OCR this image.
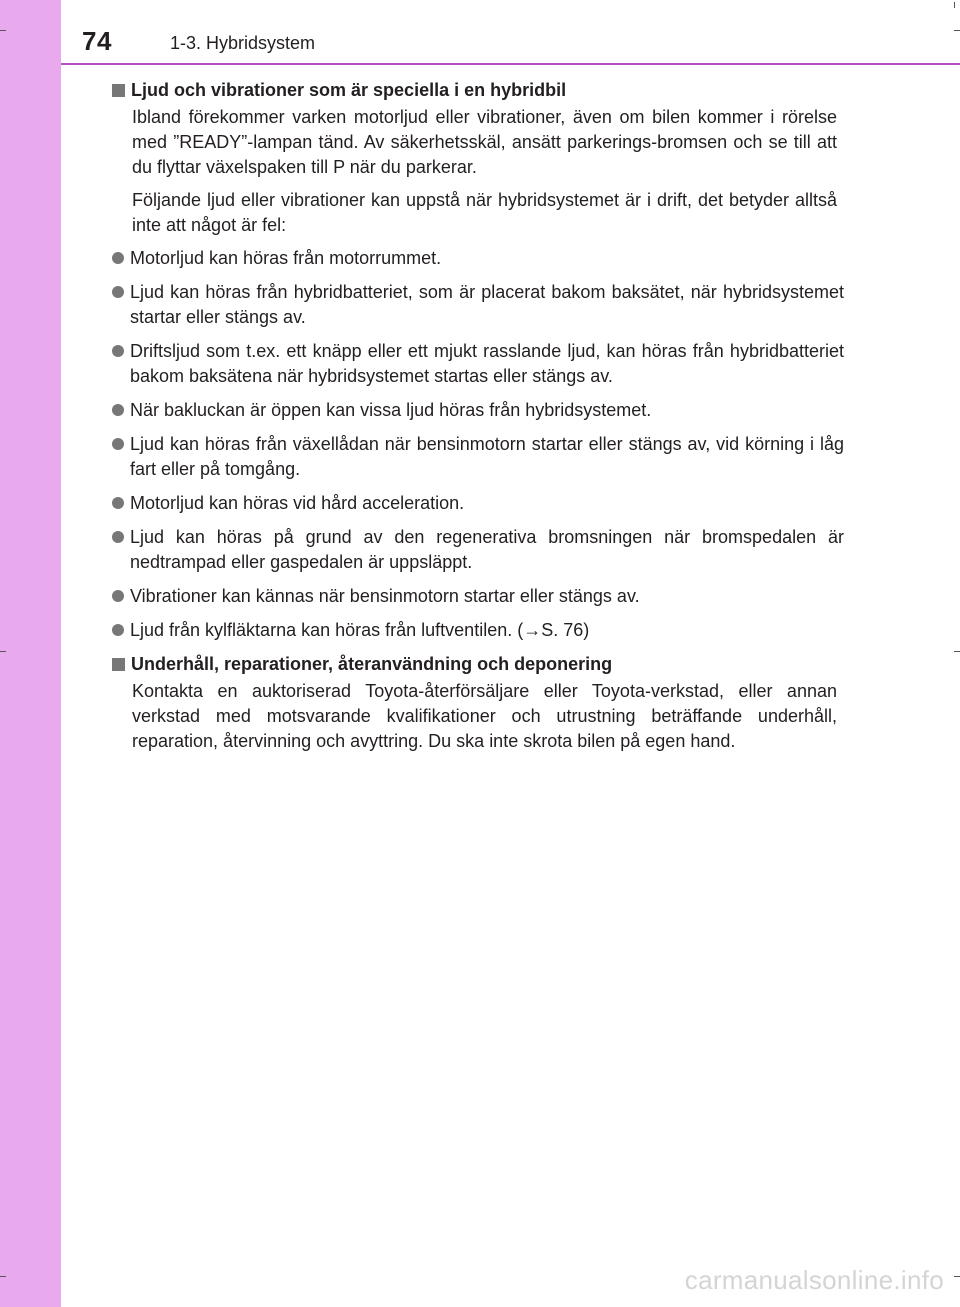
74	1-3. Hybridsystem
Ljud och vibrationer som är speciella i en hybridbil

Ibland förekommer varken motorljud eller vibrationer, även om bilen kommer i rörelse med ”READY”-lampan tänd. Av säkerhetsskäl, ansätt parkerings-bromsen och se till att du flyttar växelspaken till P när du parkerar.

Följande ljud eller vibrationer kan uppstå när hybridsystemet är i drift, det betyder alltså inte att något är fel:

Motorljud kan höras från motorrummet.
Ljud kan höras från hybridbatteriet, som är placerat bakom baksätet, när hybridsystemet startar eller stängs av.
Driftsljud som t.ex. ett knäpp eller ett mjukt rasslande ljud, kan höras från hybridbatteriet bakom baksätena när hybridsystemet startas eller stängs av.
När bakluckan är öppen kan vissa ljud höras från hybridsystemet.
Ljud kan höras från växellådan när bensinmotorn startar eller stängs av, vid körning i låg fart eller på tomgång.
Motorljud kan höras vid hård acceleration.
Ljud kan höras på grund av den regenerativa bromsningen när bromspedalen är nedtrampad eller gaspedalen är uppsläppt.
Vibrationer kan kännas när bensinmotorn startar eller stängs av.
Ljud från kylfläktarna kan höras från luftventilen. (→S. 76)
Underhåll, reparationer, återanvändning och deponering

Kontakta en auktoriserad Toyota-återförsäljare eller Toyota-verkstad, eller annan verkstad med motsvarande kvalifikationer och utrustning beträffande underhåll, reparation, återvinning och avyttring. Du ska inte skrota bilen på egen hand.

carmanualsonline.info
